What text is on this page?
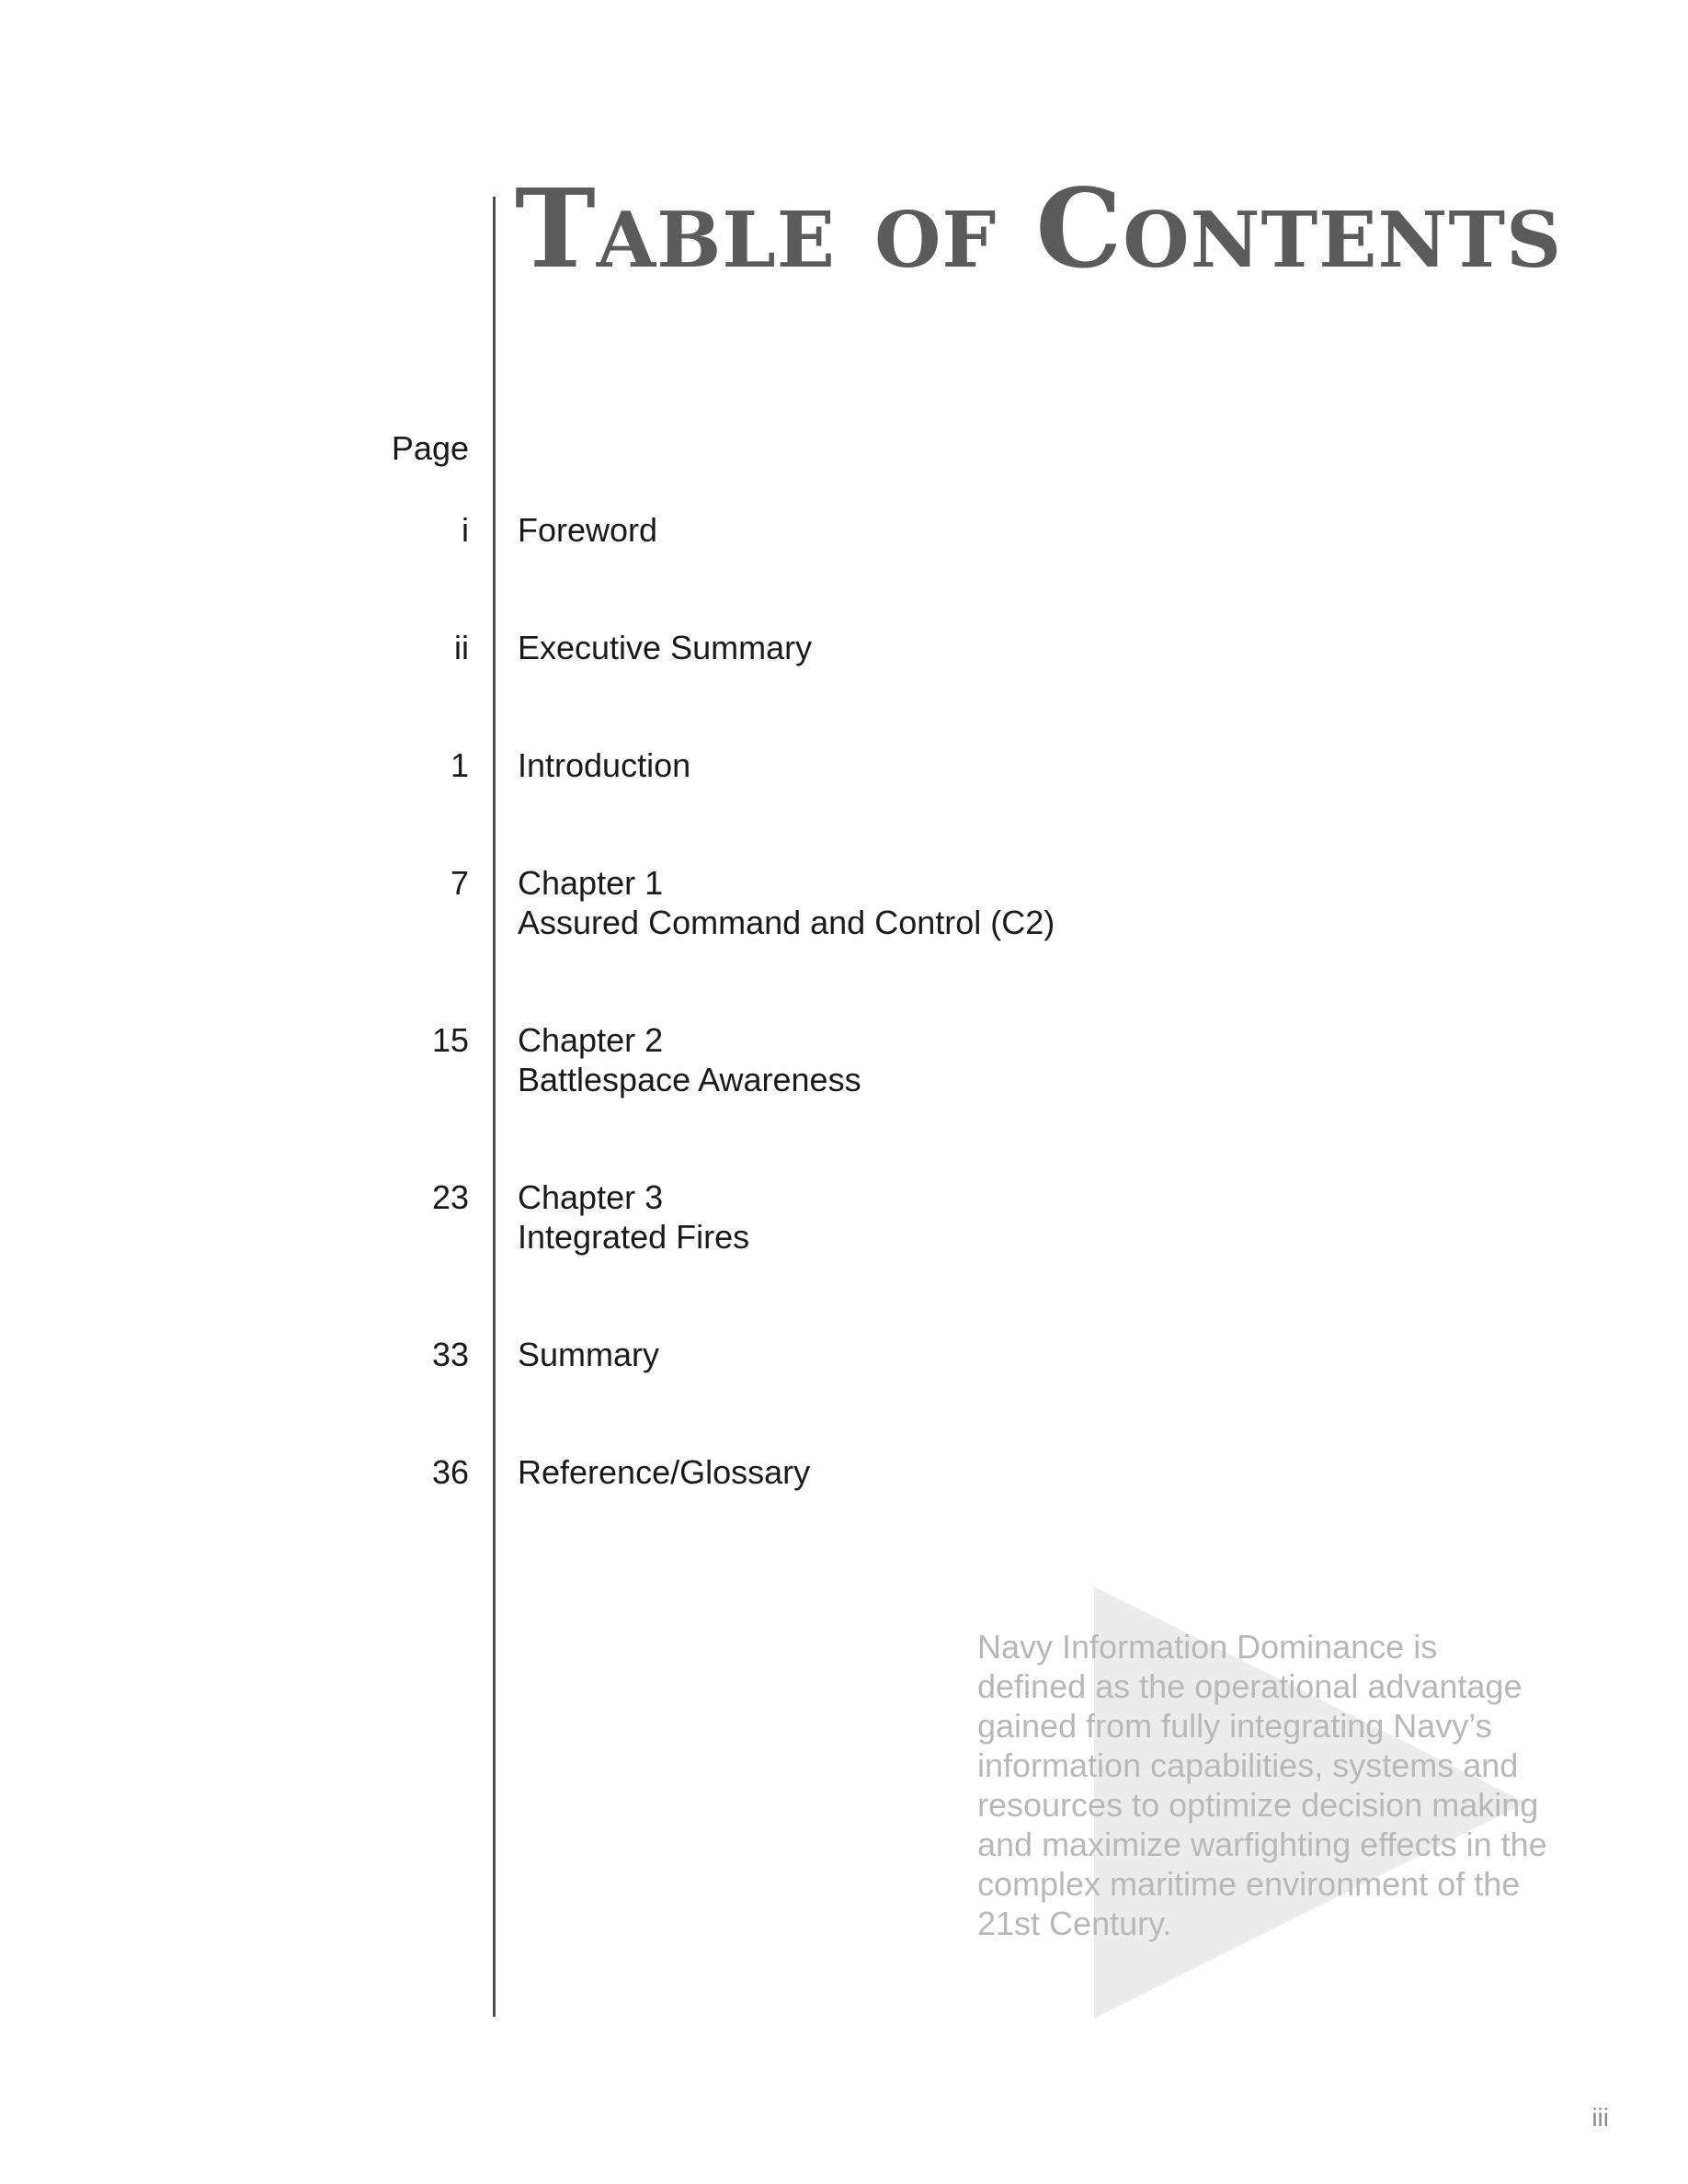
Table of Contents
Page
i Foreword
ii Executive Summary
1 Introduction
7 Chapter 1
Assured Command and Control (C2)
15 Chapter 2
Battlespace Awareness
23 Chapter 3
Integrated Fires
33 Summary
36 Reference/Glossary

Navy Information Dominance is defined as the operational advantage gained from fully integrating Navy’s information capabilities, systems and resources to optimize decision making and maximize warfighting effects in the complex maritime environment of the 21st Century.

iii
